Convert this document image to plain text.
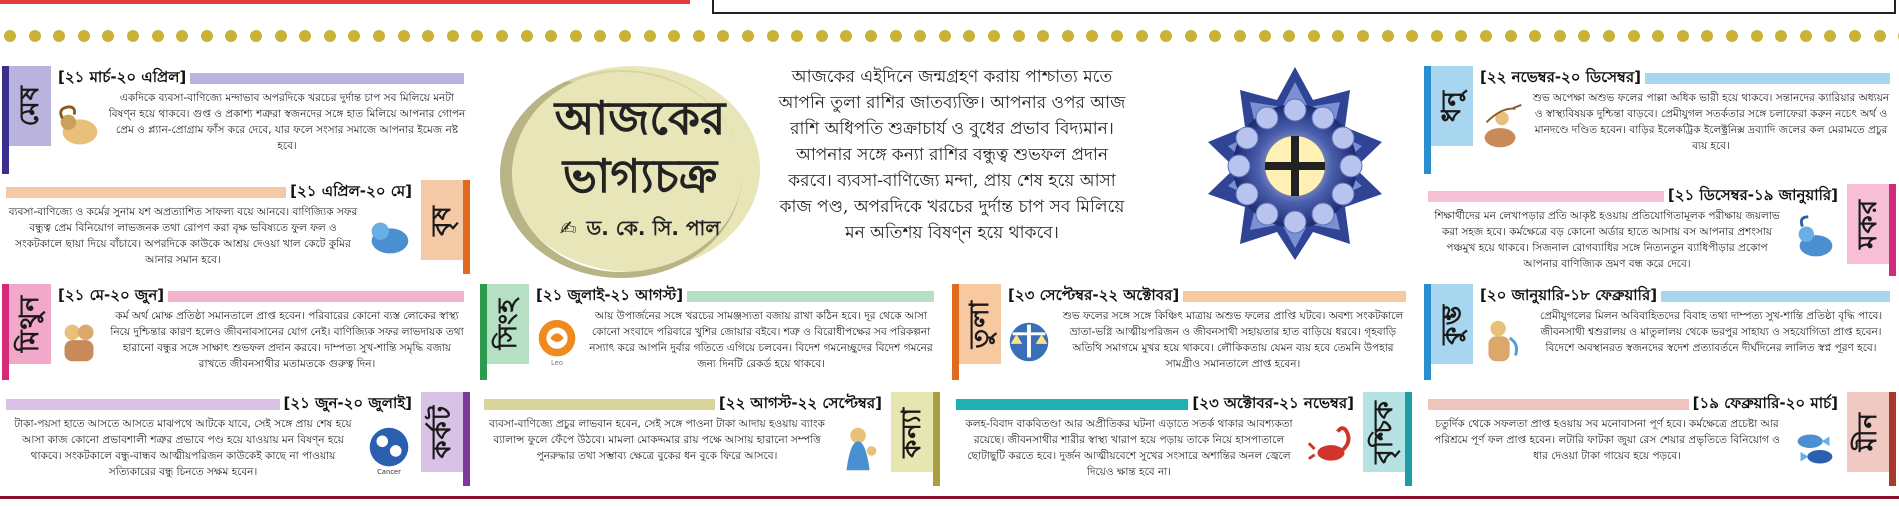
আজকের
ভাগ্যচক্র
✍ ড. কে. সি. পাল
আজকের এইদিনে জন্মগ্রহণ করায় পাশ্চাত্য মতে আপনি তুলা রাশির জাতব্যক্তি। আপনার ওপর আজ রাশি অধিপতি শুক্রাচার্য ও বুধের প্রভাব বিদ্যমান। আপনার সঙ্গে কন্যা রাশির বন্ধুত্ব শুভফল প্রদান করবে। ব্যবসা-বাণিজ্যে মন্দা, প্রায় শেষ হয়ে আসা কাজ পণ্ড, অপরদিকে খরচের দুর্দান্ত চাপ সব মিলিয়ে মন অতিশয় বিষণ্ন হয়ে থাকবে।
মেষ
[২১ মার্চ-২০ এপ্রিল]
একদিকে ব্যবসা-বাণিজ্যে মন্দাভাব অপরদিকে খরচের দুর্দান্ত চাপ সব মিলিয়ে মনটা বিষণ্ন হয়ে থাকবে। গুপ্ত ও প্রকাশ্য শত্রুরা স্বজনদের সঙ্গে হাত মিলিয়ে আপনার গোপন প্রেম ও প্ল্যান-প্রোগ্রাম ফাঁস করে দেবে, যার ফলে সংসার সমাজে আপনার ইমেজ নষ্ট হবে।
বৃষ
[২১ এপ্রিল-২০ মে]
ব্যবসা-বাণিজ্যে ও কর্মের সুনাম যশ অপ্রত্যাশিত সাফল্য বয়ে আনবে। বাণিজ্যিক সফর বন্ধুত্ব প্রেম বিনিয়োগ লাভজনক তথা রোপণ করা বৃক্ষ ভবিষ্যতে ফুল ফল ও সংকটকালে ছায়া দিয়ে বাঁচাবে। অপরদিকে কাউকে আশ্রয় দেওয়া খাল কেটে কুমির আনার সমান হবে।
মিথুন
[২১ মে-২০ জুন]
কর্ম অর্থ মোক্ষ প্রতিষ্ঠা সমানতালে প্রাপ্ত হবেন। পরিবারের কোনো ব্যস্ত লোকের স্বাস্থ্য নিয়ে দুশ্চিন্তার কারণ হলেও জীবনাবসানের যোগ নেই। বাণিজ্যিক সফর লাভদায়ক তথা হারানো বন্ধুর সঙ্গে সাক্ষাৎ শুভফল প্রদান করবে। দাম্পত্য সুখ-শান্তি সমৃদ্ধি বজায় রাখতে জীবনসাথীর মতামতকে গুরুত্ব দিন।
কর্কট
[২১ জুন-২০ জুলাই]
Cancer
টাকা-পয়সা হাতে আসতে আসতে মাঝপথে আটকে যাবে, সেই সঙ্গে প্রায় শেষ হয়ে আসা কাজ কোনো প্রভাবশালী শত্রুর প্রভাবে পণ্ড হয়ে যাওয়ায় মন বিষণ্ন হয়ে থাকবে। সংকটকালে বন্ধু-বান্ধব আত্মীয়পরিজন কাউকেই কাছে না পাওয়ায় সত্যিকারের বন্ধু চিনতে সক্ষম হবেন।
সিংহ
[২১ জুলাই-২১ আগস্ট]
Leo
আয় উপার্জনের সঙ্গে খরচের সামঞ্জস্যতা বজায় রাখা কঠিন হবে। দূর থেকে আসা কোনো সংবাদে পরিবারে খুশির জোয়ার বইবে। শত্রু ও বিরোধীপক্ষের সব পরিকল্পনা নস্যাৎ করে আপনি দুর্বার গতিতে এগিয়ে চলবেন। বিদেশ গমনেচ্ছুদের বিদেশ গমনের জন্য দিনটি রেকর্ড হয়ে থাকবে।
কন্যা
[২২ আগস্ট-২২ সেপ্টেম্বর]
ব্যবসা-বাণিজ্যে প্রচুর লাভবান হবেন, সেই সঙ্গে পাওনা টাকা আদায় হওয়ায় ব্যাংক ব্যালান্স ফুলে ফেঁপে উঠবে। মামলা মোকদ্দমার রায় পক্ষে আসায় হারানো সম্পত্তি পুনরুদ্ধার তথা সম্ভাব্য ক্ষেত্রে বুকের ধন বুকে ফিরে আসবে।
তুলা
[২৩ সেপ্টেম্বর-২২ অক্টোবর]
শুভ ফলের সঙ্গে সঙ্গে কিঞ্চিৎ মাত্রায় অশুভ ফলের প্রাপ্তি ঘটবে। অবশ্য সংকটকালে ভ্রাতা-ভগ্নি আত্মীয়পরিজন ও জীবনসাথী সহায়তার হাত বাড়িয়ে ধরবে। গৃহবাড়ি অতিথি সমাগমে মুখর হয়ে থাকবে। লৌকিকতায় যেমন ব্যয় হবে তেমনি উপহার সামগ্রীও সমানতালে প্রাপ্ত হবেন।
বৃশ্চিক
[২৩ অক্টোবর-২১ নভেম্বর]
কলহ-বিবাদ বাকবিতণ্ডা আর অপ্রীতিকর ঘটনা এড়াতে সতর্ক থাকার আবশ্যকতা রয়েছে। জীবনসাথীর শারীর স্বাস্থ্য খারাপ হয়ে পড়ায় তাকে নিয়ে হাসপাতালে ছোটাছুটি করতে হবে। দুর্জন আত্মীয়বেশে সুখের সংসারে অশান্তির অনল জ্বেলে দিয়েও ক্ষান্ত হবে না।
ধনু
[২২ নভেম্বর-২০ ডিসেম্বর]
শুভ অপেক্ষা অশুভ ফলের পাল্লা অধিক ভারী হয়ে থাকবে। সন্তানদের ক্যারিয়ার অধ্যয়ন ও স্বাস্থ্যবিষয়ক দুশ্চিন্তা বাড়বে। প্রেমীযুগল সতর্কতার সঙ্গে চলাফেরা করুন নচেৎ অর্থ ও মানদণ্ডে দণ্ডিত হবেন। বাড়ির ইলেকট্রিক ইলেক্ট্রনিক্স দ্রব্যাদি জলের কল মেরামতে প্রচুর ব্যয় হবে।
মকর
[২১ ডিসেম্বর-১৯ জানুয়ারি]
শিক্ষার্থীদের মন লেখাপড়ার প্রতি আকৃষ্ট হওয়ায় প্রতিযোগিতামূলক পরীক্ষায় জয়লাভ করা সহজ হবে। কর্মক্ষেত্রে বড় কোনো অর্ডার হাতে আসায় বস আপনার প্রশংসায় পঞ্চমুখ হয়ে থাকবে। সিজনাল রোগব্যাধির সঙ্গে নিত্যনতুন ব্যাধিপীড়ার প্রকোপ আপনার বাণিজ্যিক ভ্রমণ বন্ধ করে দেবে।
কুম্ভ
[২০ জানুয়ারি-১৮ ফেব্রুয়ারি]
প্রেমীযুগলের মিলন অবিবাহিতদের বিবাহ তথা দাম্পত্য সুখ-শান্তি প্রতিষ্ঠা বৃদ্ধি পাবে। জীবনসাথী শ্বশুরালয় ও মাতুলালয় থেকে ভরপুর সাহায্য ও সহযোগিতা প্রাপ্ত হবেন। বিদেশে অবস্থানরত স্বজনদের স্বদেশ প্রত্যাবর্তনে দীর্ঘদিনের লালিত স্বপ্ন পূরণ হবে।
মীন
[১৯ ফেব্রুয়ারি-২০ মার্চ]
চতুর্দিক থেকে সফলতা প্রাপ্ত হওয়ায় সব মনোবাসনা পূর্ণ হবে। কর্মক্ষেত্রে প্রচেষ্টা আর পরিশ্রমে পূর্ণ ফল প্রাপ্ত হবেন। লটারি ফাটকা জুয়া রেস শেয়ার প্রভৃতিতে বিনিয়োগ ও ধার দেওয়া টাকা গায়েব হয়ে পড়বে।
